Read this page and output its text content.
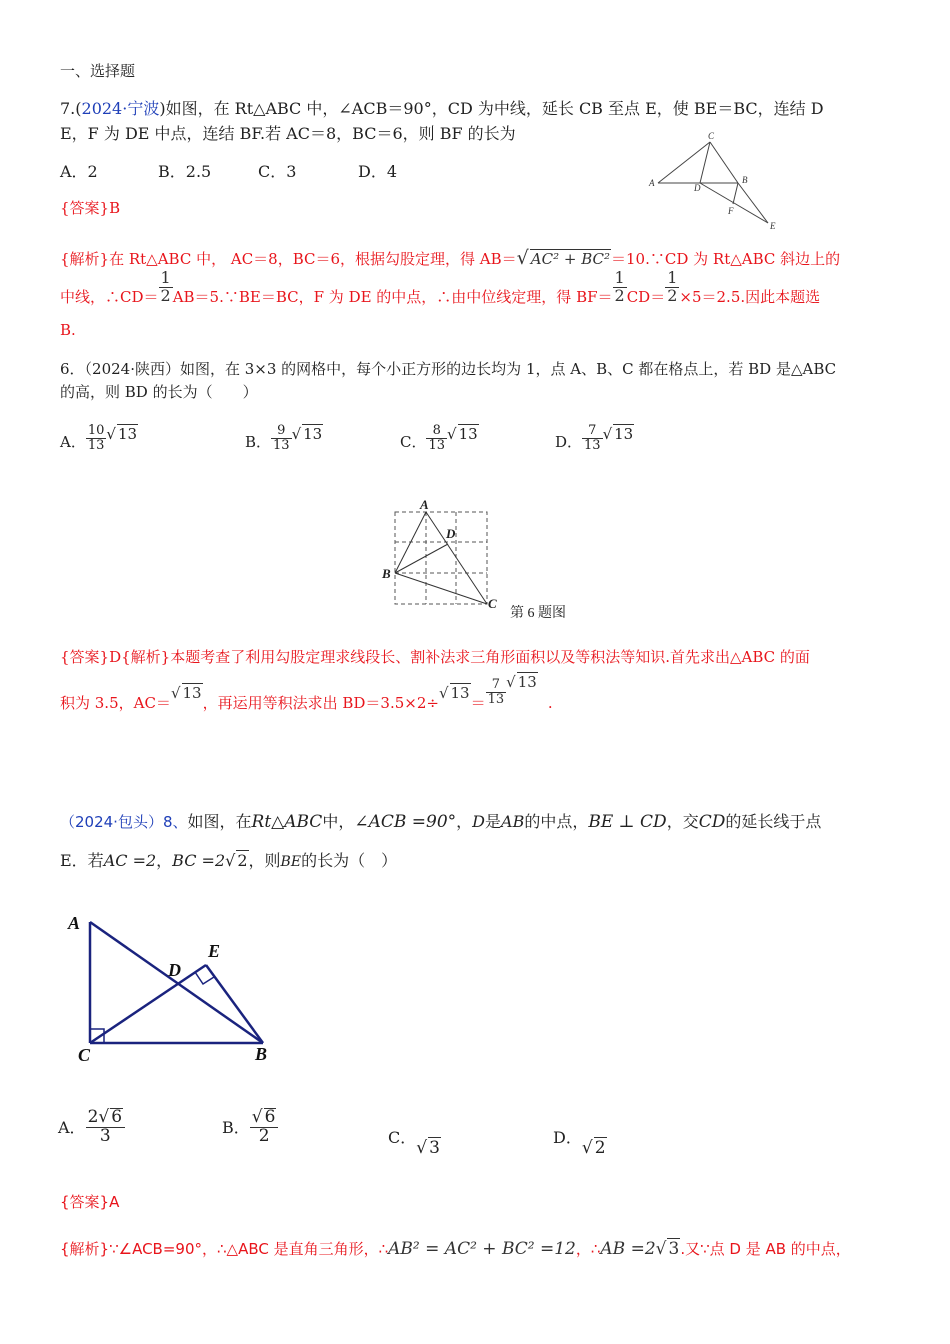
一、选择题
7.(2024·宁波)如图，在 Rt△ABC 中，∠ACB＝90°，CD 为中线，延长 CB 至点 E，使 BE＝BC，连结 D
E，F 为 DE 中点，连结 BF.若 AC＝8，BC＝6，则 BF 的长为
A．2	B．2.5	C．3	D．4
C
A	D
B
F
E
{答案}B
{解析}在 Rt△ABC 中， AC＝8，BC＝6，根据勾股定理，得 AB＝√ AC² + BC²＝10.∵CD 为 Rt△ABC 斜边上的
中线，∴CD＝ $\frac{1}{2}$ AB＝5.∵BE＝BC，F 为 DE 的中点，∴由中位线定理，得 $BF= \frac{1}{2} CD= \frac{1}{2} \times 5=2.5$.因此本题选
B.
6．（2024·陕西）如图，在 3×3 的网格中，每个小正方形的边长均为 1，点 A、B、C 都在格点上，若 BD 是△ABC
的高，则 BD 的长为（　　）
A． $\frac{10}{13}$ √ 13	B． $\frac{9}{13}$ √ 13	C． $\frac{8}{13}$ √ 13	D． $\frac{7}{13}$ √ 13
A
D
B
C
第 6 题图
{答案}D{解析}本题考查了利用勾股定理求线段长、割补法求三角形面积以及等积法等知识.首先求出△ABC 的面
积为 3.5，AC＝√ 13，再运用等积法求出 BD＝3.5×2÷√ $13= \frac{7}{13}$ √ 13.
（2024·包头）8、如图，在Rt△ABC中，∠ACB =90°，D是AB的中点，BE ⊥ CD，交CD的延长线于点
E．若AC =2，BC =2√ 2，则BE的长为（　）
A
E
D
C	B
A． $\frac{2√ 6}{3}$	B． $\frac{√ 6}{2}$	C．√ 3
D．√ 2
{答案}A
{解析}∵∠ACB=90°，∴△ABC 是直角三角形，∴AB² = AC² + BC² =12，∴AB =2√ 3.又∵点 D 是 AB 的中点，
